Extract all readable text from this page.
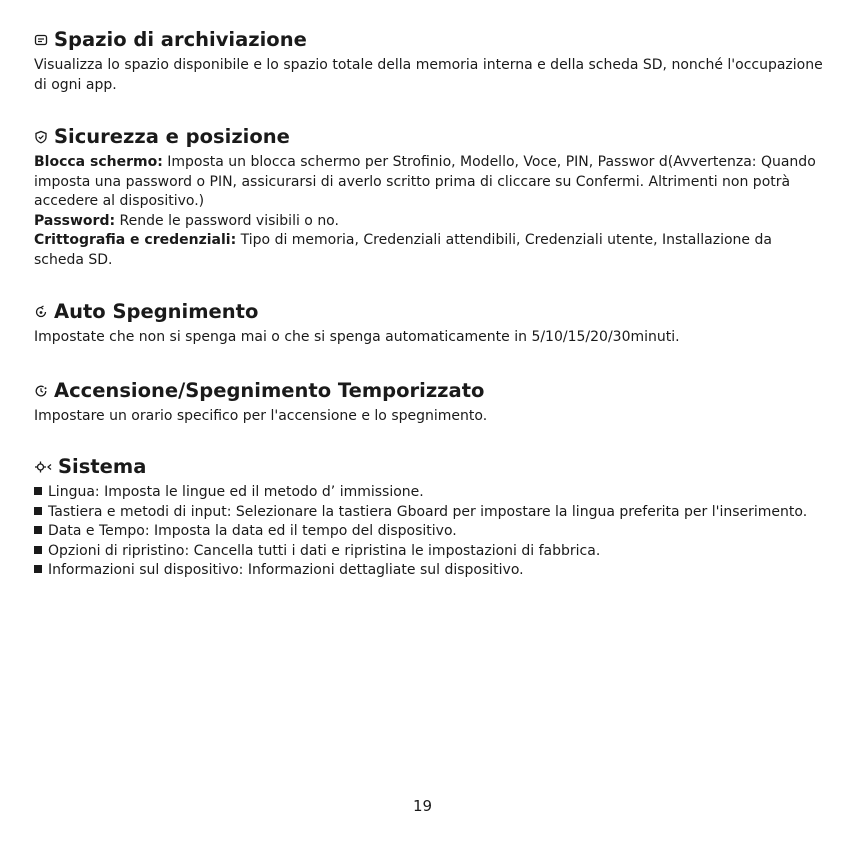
Spazio di archiviazione

Visualizza lo spazio disponibile e lo spazio totale della memoria interna e della scheda SD, nonché l'occupazione di ogni app.

Sicurezza e posizione

Blocca schermo: Imposta un blocca schermo per Strofinio, Modello, Voce, PIN, Passwor d(Avvertenza: Quando imposta una password o PIN, assicurarsi di averlo scritto prima di cliccare su Confermi. Altrimenti non potrà accedere al dispositivo.)

Password: Rende le password visibili o no.

Crittografia e credenziali: Tipo di memoria, Credenziali attendibili, Credenziali utente, Installazione da scheda SD.

Auto Spegnimento

Impostate che non si spenga mai o che si spenga automaticamente in 5/10/15/20/30minuti.

Accensione/Spegnimento Temporizzato

Impostare un orario specifico per l'accensione e lo spegnimento.

Sistema
Lingua: Imposta le lingue ed il metodo d’ immissione.
Tastiera e metodi di input: Selezionare la tastiera Gboard per impostare la lingua preferita per l'inserimento.
Data e Tempo: Imposta la data ed il tempo del dispositivo.
Opzioni di ripristino: Cancella tutti i dati e ripristina le impostazioni di fabbrica.
Informazioni sul dispositivo: Informazioni dettagliate sul dispositivo.
19
